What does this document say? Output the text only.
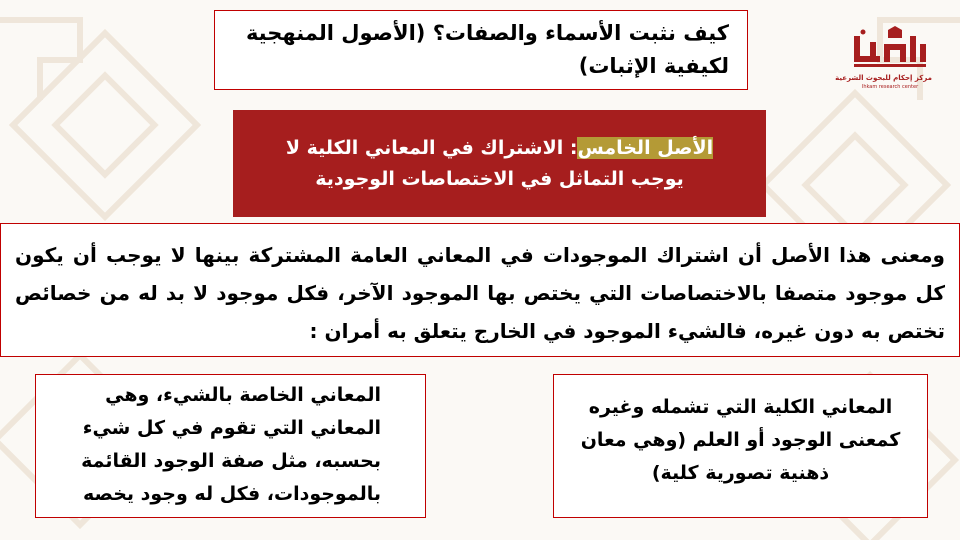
كيف نثبت الأسماء والصفات؟ (الأصول المنهجية لكيفية الإثبات)	مركز إحكام للبحوث الشرعية
Ihkam research center
الأصل الخامس: الاشتراك في المعاني الكلية لا يوجب التماثل في الاختصاصات الوجودية
ومعنى هذا الأصل أن اشتراك الموجودات في المعاني العامة المشتركة بينها لا يوجب أن يكون كل موجود متصفا بالاختصاصات التي يختص بها الموجود الآخر، فكل موجود لا بد له من خصائص تختص به دون غيره، فالشيء الموجود في الخارج يتعلق به أمران :
المعاني الكلية التي تشمله وغيره كمعنى الوجود أو العلم (وهي معان ذهنية تصورية كلية)
المعاني الخاصة بالشيء، وهي المعاني التي تقوم في كل شيء بحسبه، مثل صفة الوجود القائمة بالموجودات، فكل له وجود يخصه
